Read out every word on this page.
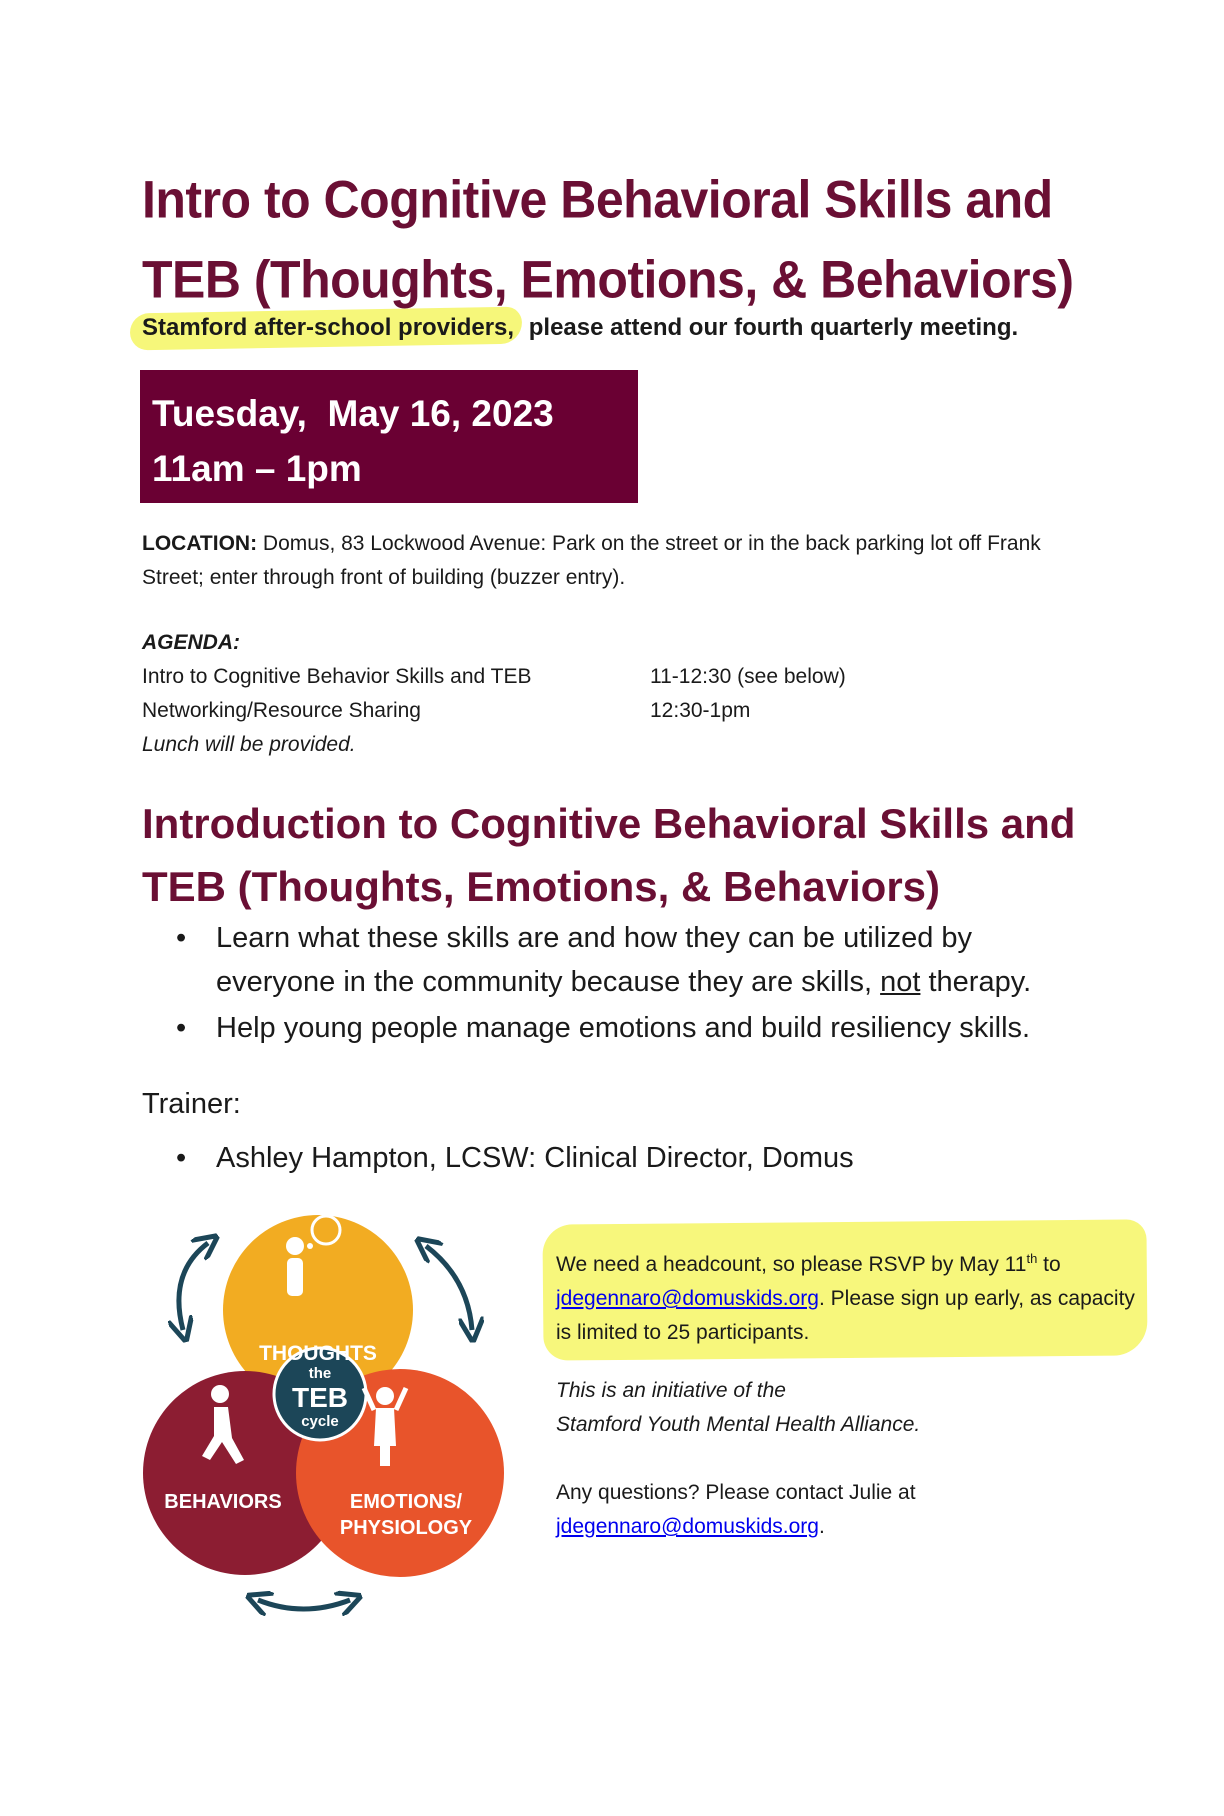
Intro to Cognitive Behavioral Skills and
TEB (Thoughts, Emotions, & Behaviors)
Stamford after-school providers, please attend our fourth quarterly meeting.
Tuesday,  May 16, 2023
11am – 1pm
LOCATION: Domus, 83 Lockwood Avenue: Park on the street or in the back parking lot off Frank Street; enter through front of building (buzzer entry).
AGENDA:
Intro to Cognitive Behavior Skills and TEB	11-12:30 (see below)
Networking/Resource Sharing	12:30-1pm
Lunch will be provided.
Introduction to Cognitive Behavioral Skills and
TEB (Thoughts, Emotions, & Behaviors)
• Learn what these skills are and how they can be utilized by everyone in the community because they are skills, not therapy.
• Help young people manage emotions and build resiliency skills.
Trainer:
• Ashley Hampton, LCSW: Clinical Director, Domus
THOUGHTS
BEHAVIORS	EMOTIONS/
PHYSIOLOGY
the
TEB
cycle
We need a headcount, so please RSVP by May 11th to
jdegennaro@domuskids.org. Please sign up early, as capacity is limited to 25 participants.
This is an initiative of the
Stamford Youth Mental Health Alliance.
Any questions? Please contact Julie at
jdegennaro@domuskids.org.
